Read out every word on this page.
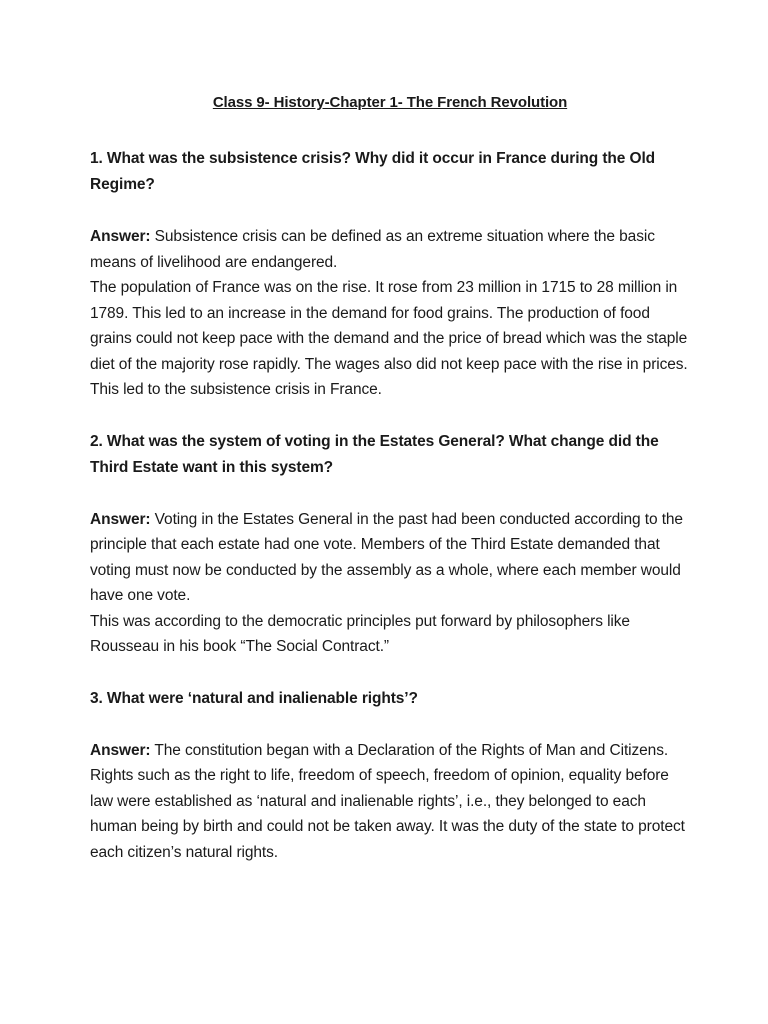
Class 9- History-Chapter 1- The French Revolution
1. What was the subsistence crisis? Why did it occur in France during the Old Regime?

Answer: Subsistence crisis can be defined as an extreme situation where the basic means of livelihood are endangered.

The population of France was on the rise. It rose from 23 million in 1715 to 28 million in 1789. This led to an increase in the demand for food grains. The production of food grains could not keep pace with the demand and the price of bread which was the staple diet of the majority rose rapidly. The wages also did not keep pace with the rise in prices. This led to the subsistence crisis in France.

2. What was the system of voting in the Estates General? What change did the Third Estate want in this system?

Answer: Voting in the Estates General in the past had been conducted according to the principle that each estate had one vote. Members of the Third Estate demanded that voting must now be conducted by the assembly as a whole, where each member would have one vote.

This was according to the democratic principles put forward by philosophers like Rousseau in his book “The Social Contract.”

3. What were ‘natural and inalienable rights’?

Answer: The constitution began with a Declaration of the Rights of Man and Citizens. Rights such as the right to life, freedom of speech, freedom of opinion, equality before law were established as ‘natural and inalienable rights’, i.e., they belonged to each human being by birth and could not be taken away. It was the duty of the state to protect each citizen’s natural rights.
